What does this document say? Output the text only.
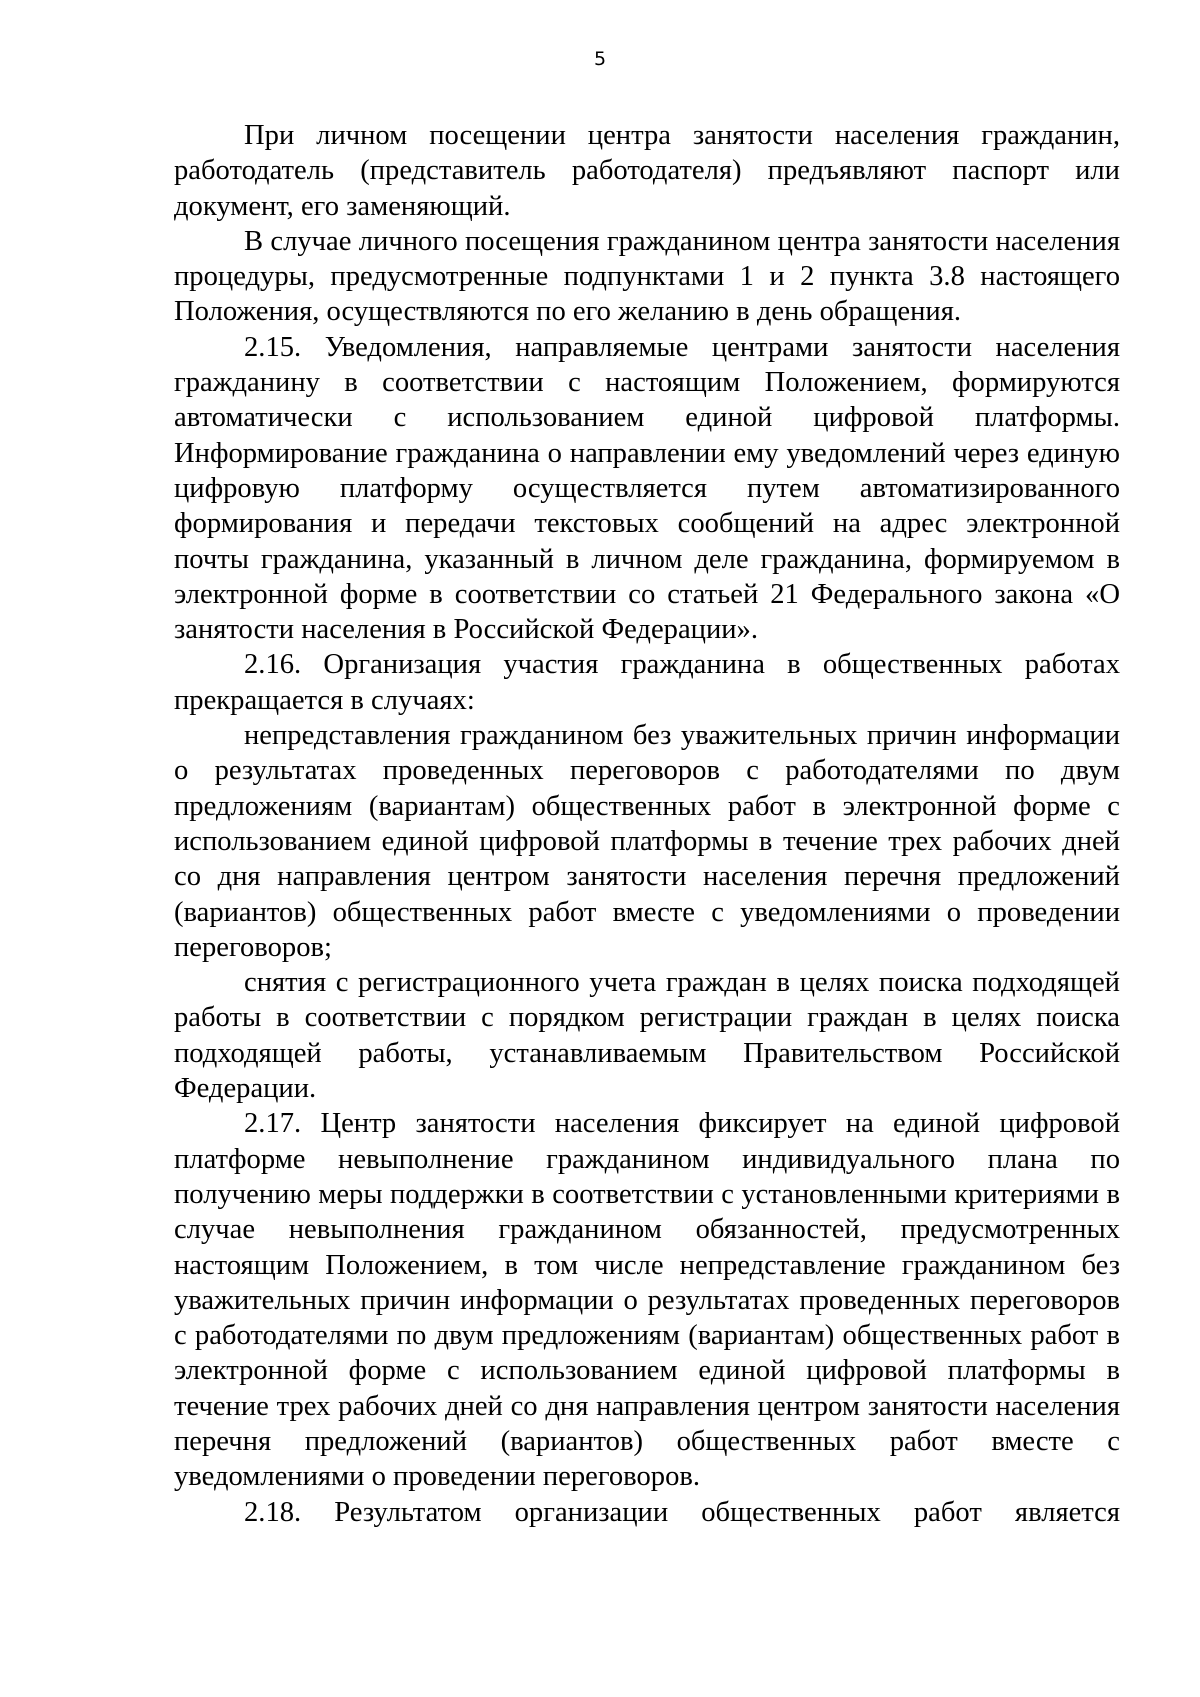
5

При личном посещении центра занятости населения гражданин, работодатель (представитель работодателя) предъявляют паспорт или документ, его заменяющий.

В случае личного посещения гражданином центра занятости населения процедуры, предусмотренные подпунктами 1 и 2 пункта 3.8 настоящего Положения, осуществляются по его желанию в день обращения.

2.15. Уведомления, направляемые центрами занятости населения гражданину в соответствии с настоящим Положением, формируются автоматически с использованием единой цифровой платформы. Информирование гражданина о направлении ему уведомлений через единую цифровую платформу осуществляется путем автоматизированного формирования и передачи текстовых сообщений на адрес электронной почты гражданина, указанный в личном деле гражданина, формируемом в электронной форме в соответствии со статьей 21 Федерального закона «О занятости населения в Российской Федерации».

2.16. Организация участия гражданина в общественных работах прекращается в случаях:

непредставления гражданином без уважительных причин информации о результатах проведенных переговоров с работодателями по двум предложениям (вариантам) общественных работ в электронной форме с использованием единой цифровой платформы в течение трех рабочих дней со дня направления центром занятости населения перечня предложений (вариантов) общественных работ вместе с уведомлениями о проведении переговоров;

снятия с регистрационного учета граждан в целях поиска подходящей работы в соответствии с порядком регистрации граждан в целях поиска подходящей работы, устанавливаемым Правительством Российской Федерации.

2.17. Центр занятости населения фиксирует на единой цифровой платформе невыполнение гражданином индивидуального плана по получению меры поддержки в соответствии с установленными критериями в случае невыполнения гражданином обязанностей, предусмотренных настоящим Положением, в том числе непредставление гражданином без уважительных причин информации о результатах проведенных переговоров с работодателями по двум предложениям (вариантам) общественных работ в электронной форме с использованием единой цифровой платформы в течение трех рабочих дней со дня направления центром занятости населения перечня предложений (вариантов) общественных работ вместе с уведомлениями о проведении переговоров.

2.18. Результатом организации общественных работ является
